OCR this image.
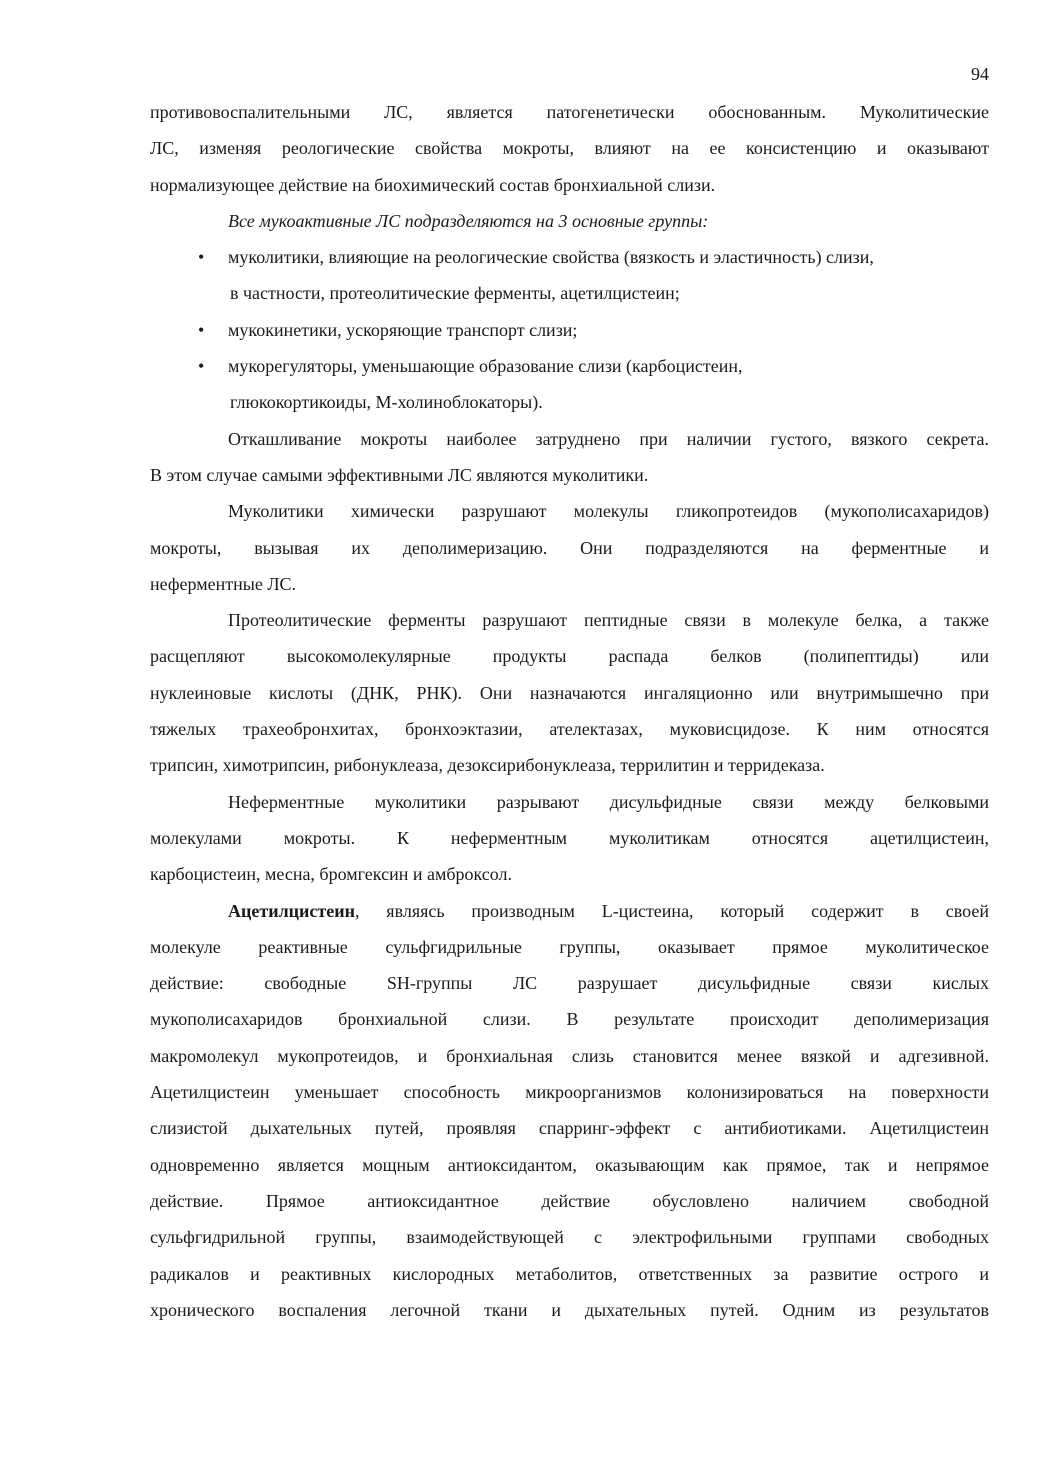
94
противовоспалительными ЛС, является патогенетически обоснованным. Муколитические
ЛС, изменяя реологические свойства мокроты, влияют на ее консистенцию и оказывают
нормализующее действие на биохимический состав бронхиальной слизи.
Все мукоактивные ЛС подразделяются на 3 основные группы:
• муколитики, влияющие на реологические свойства (вязкость и эластичность) слизи,
в частности, протеолитические ферменты, ацетилцистеин;
• мукокинетики, ускоряющие транспорт слизи;
• мукорегуляторы, уменьшающие образование слизи (карбоцистеин,
глюкокортикоиды, М-холиноблокаторы).
Откашливание мокроты наиболее затруднено при наличии густого, вязкого секрета.
В этом случае самыми эффективными ЛС являются муколитики.
Муколитики химически разрушают молекулы гликопротеидов (мукополисахаридов)
мокроты, вызывая их деполимеризацию. Они подразделяются на ферментные и
неферментные ЛС.
Протеолитические ферменты разрушают пептидные связи в молекуле белка, а также
расщепляют высокомолекулярные продукты распада белков (полипептиды) или
нуклеиновые кислоты (ДНК, РНК). Они назначаются ингаляционно или внутримышечно при
тяжелых трахеобронхитах, бронхоэктазии, ателектазах, муковисцидозе. К ним относятся
трипсин, химотрипсин, рибонуклеаза, дезоксирибонуклеаза, террилитин и терридеказа.
Неферментные муколитики разрывают дисульфидные связи между белковыми
молекулами мокроты. К неферментным муколитикам относятся ацетилцистеин,
карбоцистеин, месна, бромгексин и амброксол.
Ацетилцистеин, являясь производным L-цистеина, который содержит в своей
молекуле реактивные сульфгидрильные группы, оказывает прямое муколитическое
действие: свободные SH-группы ЛС разрушает дисульфидные связи кислых
мукополисахаридов бронхиальной слизи. В результате происходит деполимеризация
макромолекул мукопротеидов, и бронхиальная слизь становится менее вязкой и адгезивной.
Ацетилцистеин уменьшает способность микроорганизмов колонизироваться на поверхности
слизистой дыхательных путей, проявляя спарринг-эффект с антибиотиками. Ацетилцистеин
одновременно является мощным антиоксидантом, оказывающим как прямое, так и непрямое
действие. Прямое антиоксидантное действие обусловлено наличием свободной
сульфгидрильной группы, взаимодействующей с электрофильными группами свободных
радикалов и реактивных кислородных метаболитов, ответственных за развитие острого и
хронического воспаления легочной ткани и дыхательных путей. Одним из результатов
